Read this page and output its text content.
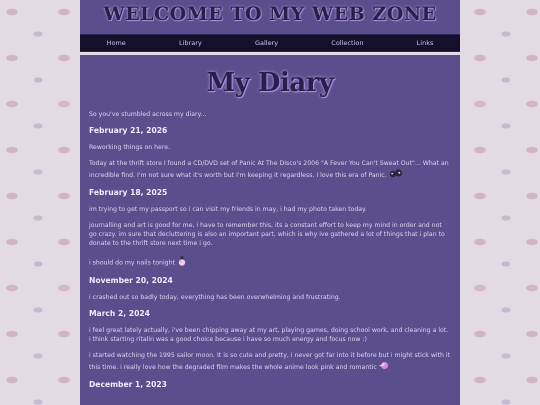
WELCOME TO MY WEB ZONE
Home	Library	Gallery	Collection	Links
My Diary

So you've stumbled across my diary...

February 21, 2026

Reworking things on here.

Today at the thrift store I found a CD/DVD set of Panic At The Disco's 2006 "A Fever You Can't Sweat Out"... What an incredible find. I'm not sure what it's worth but I'm keeping it regardless. I love this era of Panic.

February 18, 2025

im trying to get my passport so i can visit my friends in may, i had my photo taken today.

journalling and art is good for me, i have to remember this, its a constant effort to keep my mind in order and not go crazy. im sure that decluttering is also an important part, which is why ive gathered a lot of things that i plan to donate to the thrift store next time i go.

i should do my nails tonight

November 20, 2024

i crashed out so badly today, everything has been overwhelming and frustrating.

March 2, 2024

i feel great lately actually, i've been chipping away at my art, playing games, doing school work, and cleaning a lot. i think starting ritalin was a good choice because i have so much energy and focus now :)

i started watching the 1995 sailor moon. It is so cute and pretty, i never got far into it before but i might stick with it this time. i really love how the degraded film makes the whole anime look pink and romantic

December 1, 2023
